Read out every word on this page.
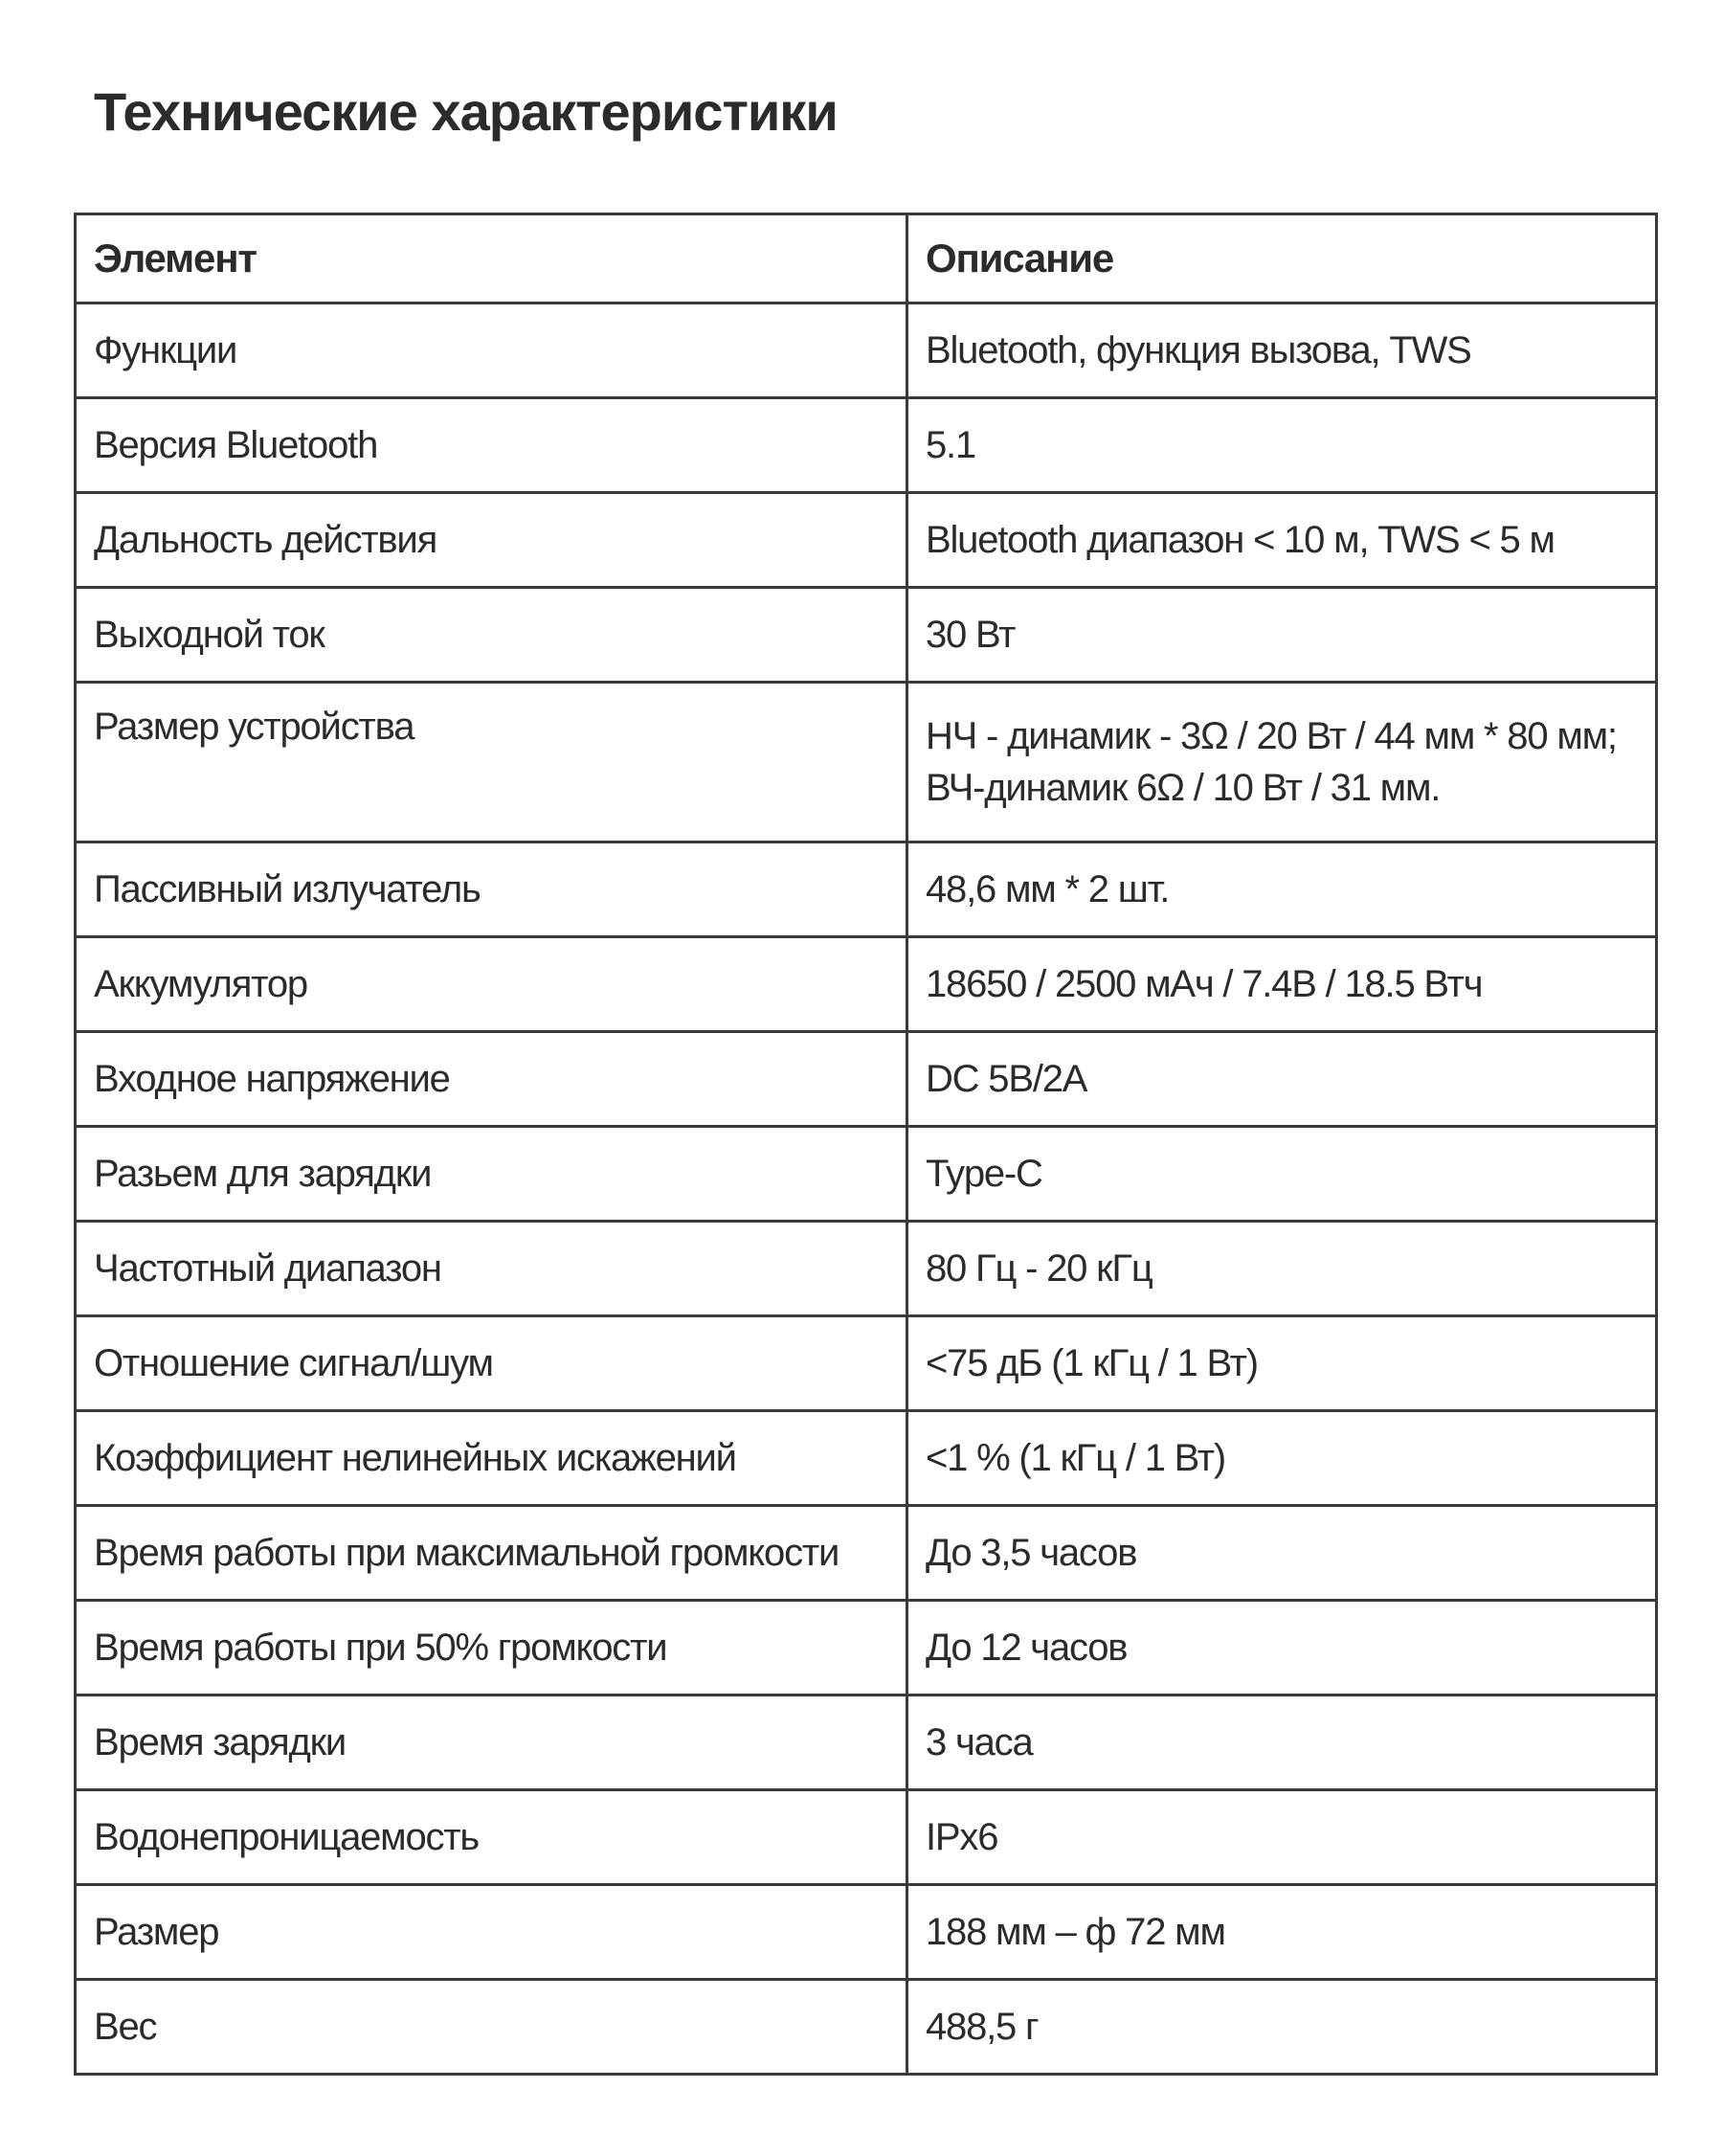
Технические характеристики
Элемент	Описание
Функции	Bluetooth, функция вызова, TWS

Версия Bluetooth	5.1

Дальность действия	Bluetooth диапазон < 10 м, TWS < 5 м

Выходной ток	30 Вт

Размер устройства	НЧ - динамик - 3Ω / 20 Вт / 44 мм * 80 мм;
ВЧ-динамик 6Ω / 10 Вт / 31 мм.

Пассивный излучатель	48,6 мм * 2 шт.

Аккумулятор	18650 / 2500 мАч / 7.4В / 18.5 Втч

Входное напряжение	DC 5В/2А

Разьем для зарядки	Type-C

Частотный диапазон	80 Гц - 20 кГц

Отношение сигнал/шум	<75 дБ (1 кГц / 1 Вт)

Коэффициент нелинейных искажений	<1 % (1 кГц / 1 Вт)

Время работы при максимальной громкости	До 3,5 часов

Время работы при 50% громкости	До 12 часов

Время зарядки	3 часа

Водонепроницаемость	IPx6

Размер	188 мм – ф 72 мм

Вес	488,5 г
